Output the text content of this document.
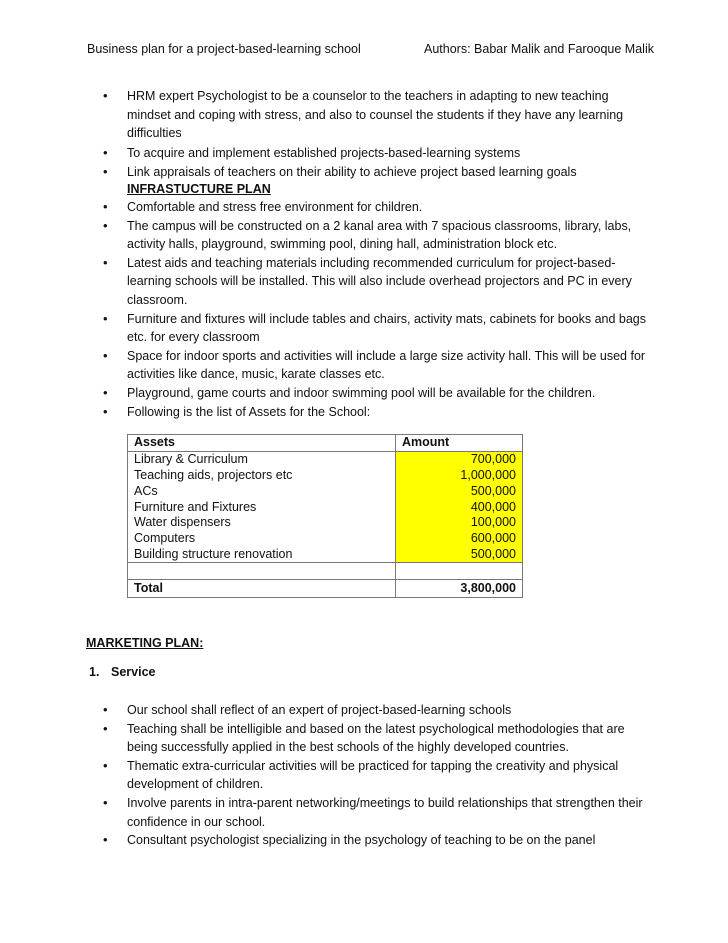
Business plan for a project-based-learning school	Authors: Babar Malik and Farooque Malik
• HRM expert Psychologist to be a counselor to the teachers in adapting to new teaching mindset and coping with stress, and also to counsel the students if they have any learning difficulties
• To acquire and implement established projects-based-learning systems
• Link appraisals of teachers on their ability to achieve project based learning goals
INFRASTUCTURE PLAN
• Comfortable and stress free environment for children.
• The campus will be constructed on a 2 kanal area with 7 spacious classrooms, library, labs, activity halls, playground, swimming pool, dining hall, administration block etc.
• Latest aids and teaching materials including recommended curriculum for project-based-learning schools will be installed. This will also include overhead projectors and PC in every classroom.
• Furniture and fixtures will include tables and chairs, activity mats, cabinets for books and bags etc. for every classroom
• Space for indoor sports and activities will include a large size activity hall. This will be used for activities like dance, music, karate classes etc.
• Playground, game courts and indoor swimming pool will be available for the children.
• Following is the list of Assets for the School:
Assets	Amount
Library & Curriculum	700,000
Teaching aids, projectors etc	1,000,000
ACs	500,000
Furniture and Fixtures	400,000
Water dispensers	100,000
Computers	600,000
Building structure renovation	500,000

Total	3,800,000
MARKETING PLAN:
1. Service
• Our school shall reflect of an expert of project-based-learning schools
• Teaching shall be intelligible and based on the latest psychological methodologies that are being successfully applied in the best schools of the highly developed countries.
• Thematic extra-curricular activities will be practiced for tapping the creativity and physical development of children.
• Involve parents in intra-parent networking/meetings to build relationships that strengthen their confidence in our school.
• Consultant psychologist specializing in the psychology of teaching to be on the panel
